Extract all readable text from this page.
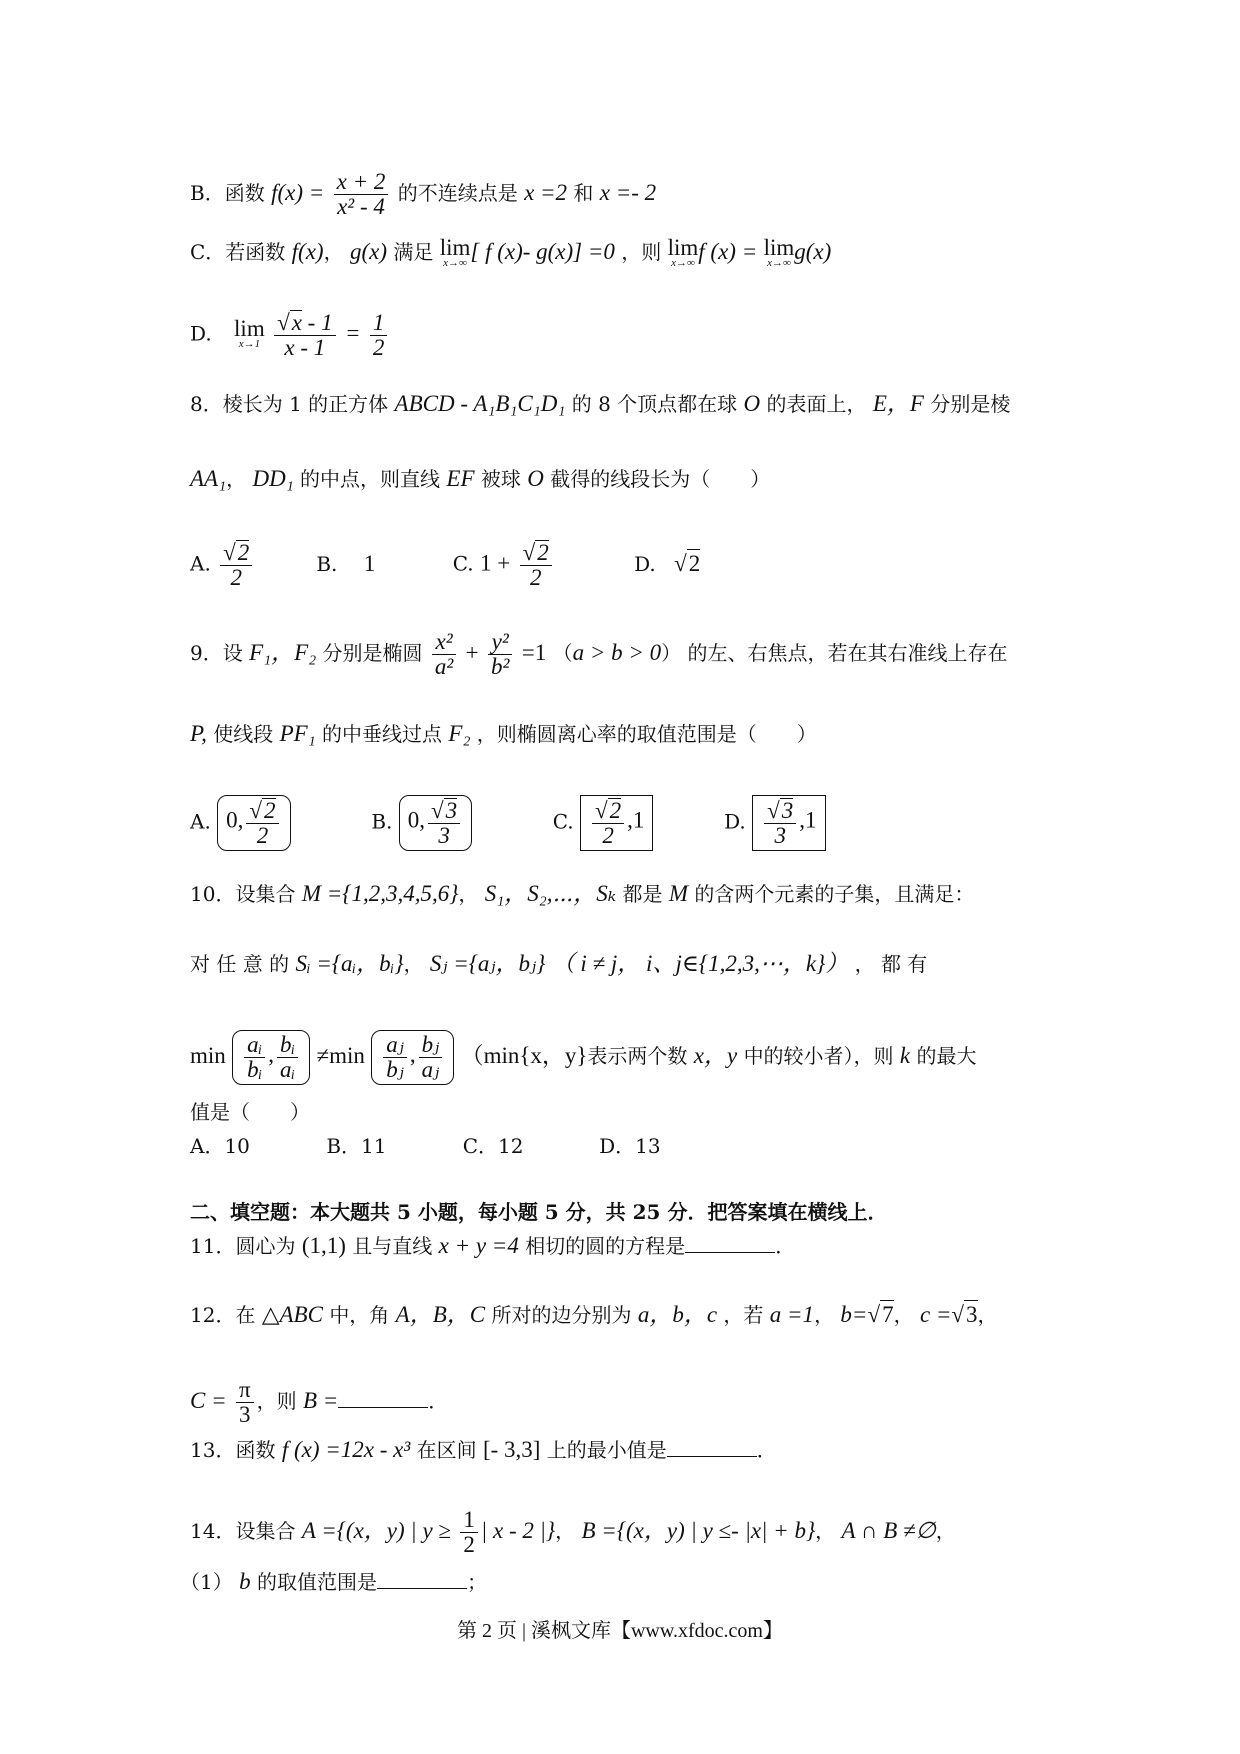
B．函数 $f(x) = \frac{x + 2}{\text{x² - 4}}$ 的不连续点是 x =2 和 x =- 2
C．若函数 f(x)， g(x) 满足 lim
x→∞ [ f (x)- g(x)] =0 ，则 lim
x→∞ f (x) = lim
x→∞ g(x)
D. lim
x→1
$\frac{√x - 1}{x - 1} = \frac{1}{2}$
8．棱长为 1 的正方体 ABCD - A₁B₁C₁D₁ 的 8 个顶点都在球 O 的表面上， E，F 分别是棱
AA₁， DD₁ 的中点，则直线 EF 被球 O 截得的线段长为（　　）
A. $\frac{√2}{2}$	B. 1	C. $1 + \frac{√2}{2}$	D. √2
9．设 F₁，F₂ 分别是椭圆 $\frac{\text{x²}}{\text{a²}} + \frac{\text{y²}}{\text{b²}} =1$ （a > b > 0） 的左、右焦点，若在其右准线上存在
P, 使线段 PF₁ 的中垂线过点 F₂ ，则椭圆离心率的取值范围是（　　）
A. 0, $\frac{√2}{2}$	B. 0, $\frac{√3}{3}$	C. $\frac{√2}{2} ,1$	D. $\frac{√3}{3} ,1$
10．设集合 M ={1,2,3,4,5,6}， S₁，S₂,⋯，Sₖ 都是 M 的含两个元素的子集，且满足：
对 任 意 的 Sᵢ ={aᵢ，bᵢ}， Sⱼ ={aⱼ，bⱼ} （ i ≠ j， i、j∈{1,2,3,⋯，k}） ， 都 有
$\min \frac{\text{aᵢ}}{\text{bᵢ}}$ , $\frac{\text{bᵢ}}{\text{aᵢ}} \ne\min \frac{\text{aⱼ}}{\text{bⱼ}}$ , $\frac{\text{bⱼ}}{\text{aⱼ}} (\min\{x$，y}表示两个数 x，y 中的较小者），则 k 的最大
值是（　　）
A．10	B．11	C．12	D．13
二、填空题：本大题共 5 小题，每小题 5 分，共 25 分．把答案填在横线上．
11．圆心为 (1,1) 且与直线 x + y =4 相切的圆的方程是	．
12．在 △ABC 中，角 A，B，C 所对的边分别为 a，b，c ，若 a =1， b=√7， c =√3，
$C = \frac{\pi}{3}$ ，则 B =	．
13．函数 f (x) =12x - x³ 在区间 [- 3,3] 上的最小值是	．
14．设集合 A ={(x，y) | $y \ge \frac{1}{2}$ | x - 2 |}， B ={(x，y) | y ≤- |x| + b}， A ∩ B ≠∅，
（1） b 的取值范围是	；
第 2 页 | 溪枫文库【www.xfdoc.com】
